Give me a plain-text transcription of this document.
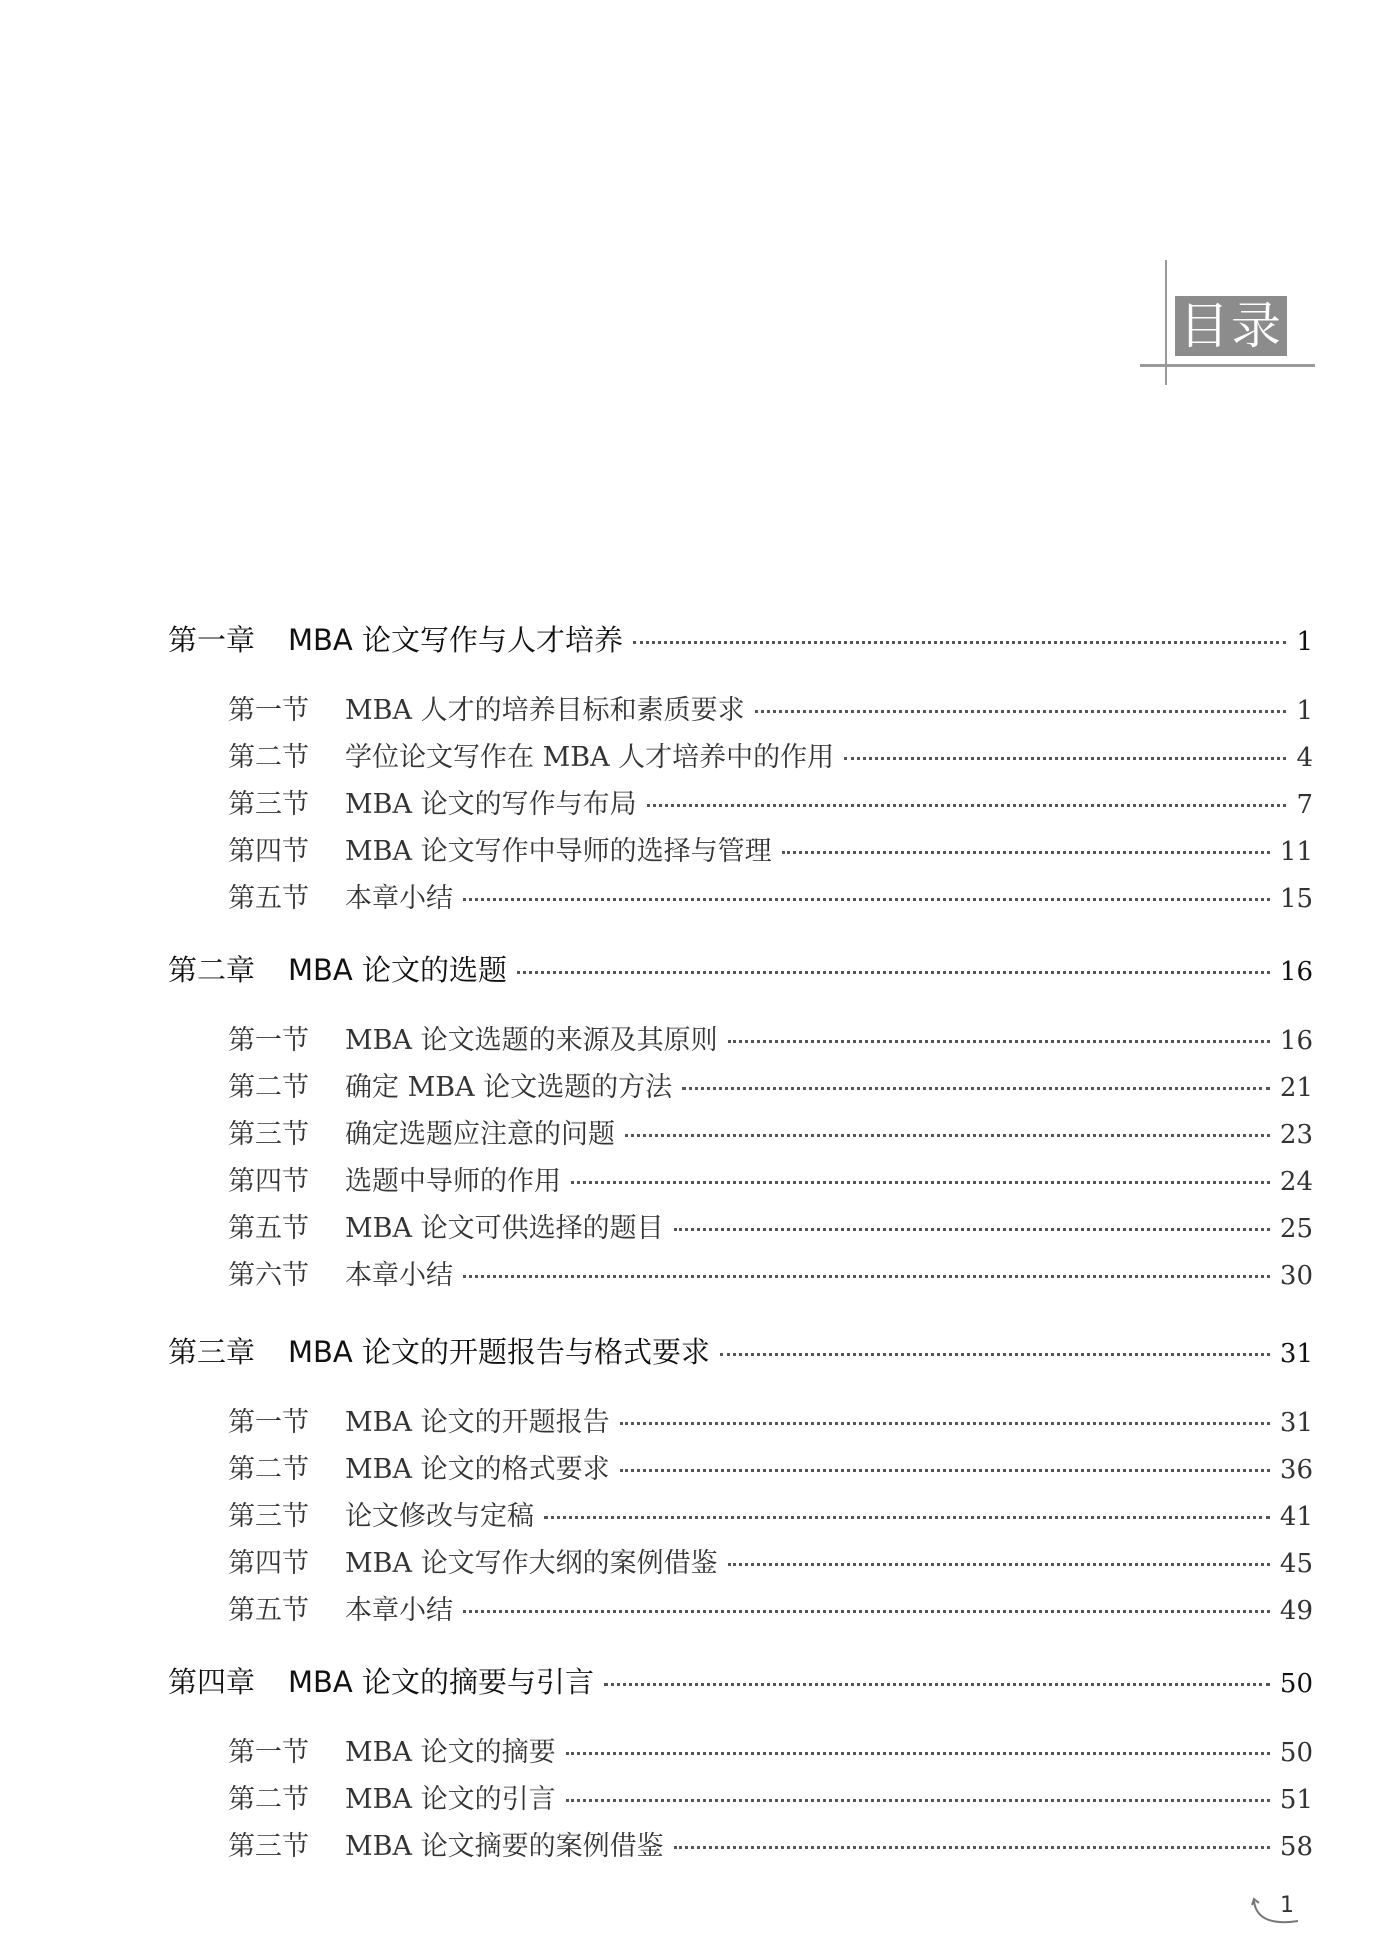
目录
第一章	MBA 论文写作与人才培养	1
第一节	MBA 人才的培养目标和素质要求	1
第二节	学位论文写作在 MBA 人才培养中的作用	4
第三节	MBA 论文的写作与布局	7
第四节	MBA 论文写作中导师的选择与管理	11
第五节	本章小结	15
第二章	MBA 论文的选题	16
第一节	MBA 论文选题的来源及其原则	16
第二节	确定 MBA 论文选题的方法	21
第三节	确定选题应注意的问题	23
第四节	选题中导师的作用	24
第五节	MBA 论文可供选择的题目	25
第六节	本章小结	30
第三章	MBA 论文的开题报告与格式要求	31
第一节	MBA 论文的开题报告	31
第二节	MBA 论文的格式要求	36
第三节	论文修改与定稿	41
第四节	MBA 论文写作大纲的案例借鉴	45
第五节	本章小结	49
第四章	MBA 论文的摘要与引言	50
第一节	MBA 论文的摘要	50
第二节	MBA 论文的引言	51
第三节	MBA 论文摘要的案例借鉴	58
1
